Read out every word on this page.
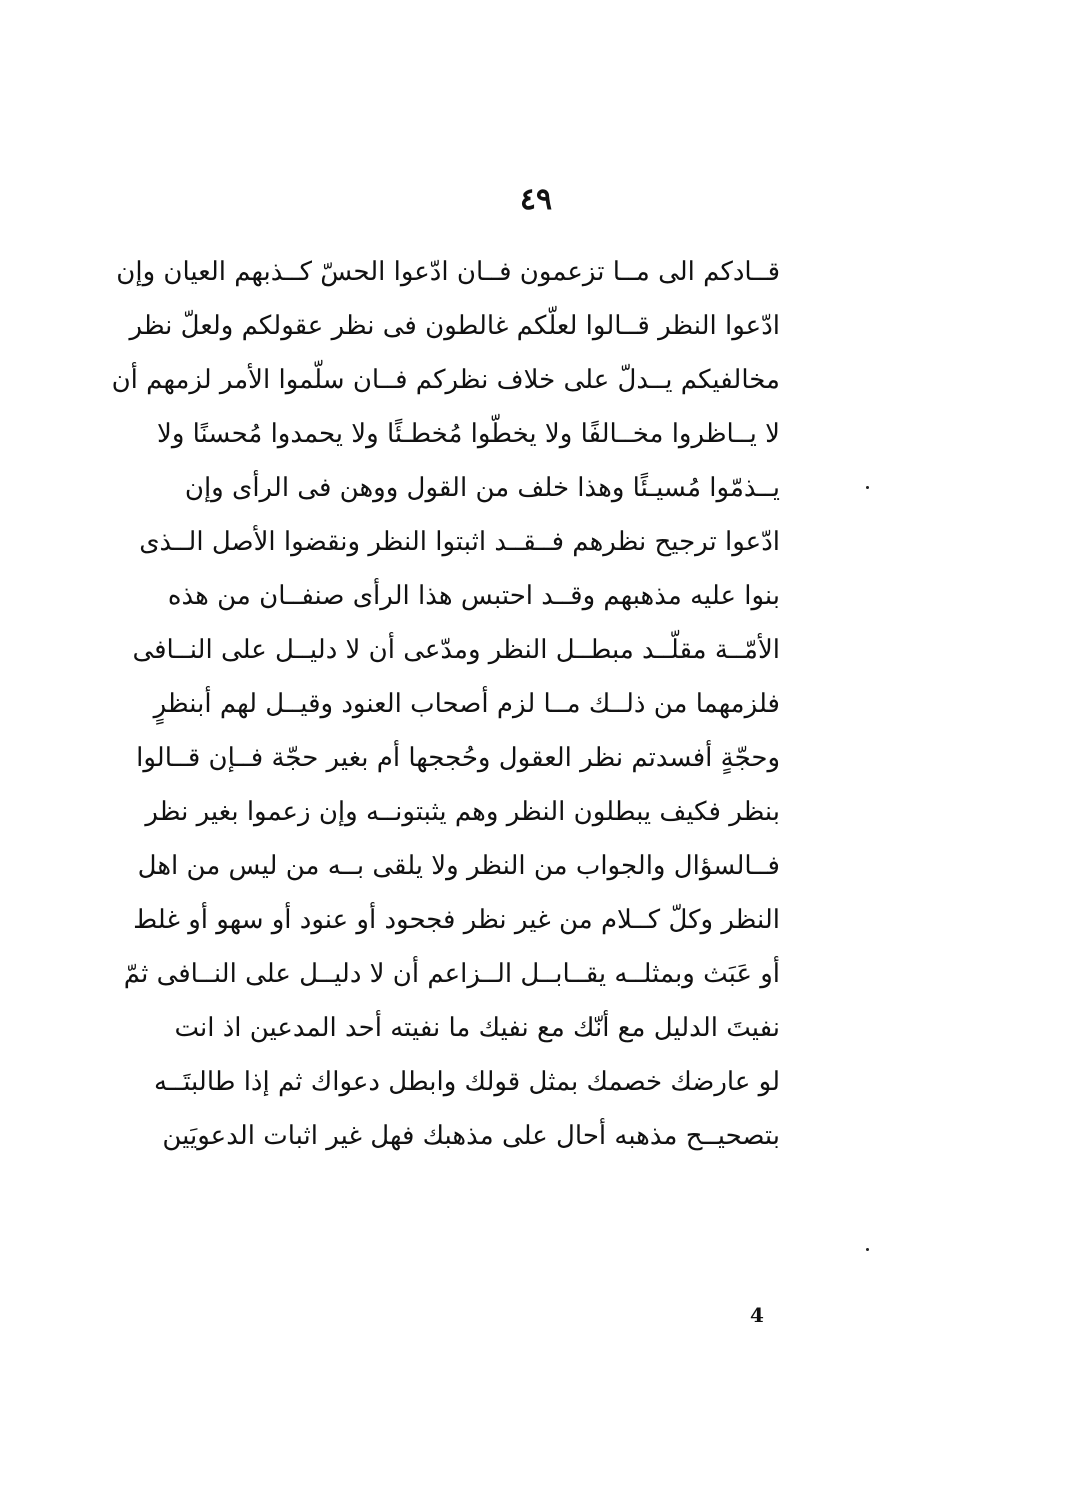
٤٩
قــادكم الى مــا تزعمون فــان ادّعوا الحسّ كــذبهم العيان وإن
ادّعوا النظر قــالوا لعلّكم غالطون فى نظر عقولكم ولعلّ نظر
مخالفيكم يــدلّ على خلاف نظركم فــان سلّموا الأمر لزمهم أن
لا يــاظروا مخــالفًا ولا يخطّوا مُخطـئًا ولا يحمدوا مُحسنًا ولا
يــذمّوا مُسيـئًا وهذا خلف من القول ووهن فى الرأى وإن
ادّعوا ترجيح نظرهم فــقــد اثبتوا النظر ونقضوا الأصل الــذى
بنوا عليه مذهبهم وقــد احتبس هذا الرأى صنفــان من هذه
الأمّــة مقلّــد مبطــل النظر ومدّعى أن لا دليــل على النــافى
فلزمهما من ذلــك مــا لزم أصحاب العنود وقيــل لهم أبنظرٍ
وحجّةٍ أفسدتم نظر العقول وحُججها أم بغير حجّة فــإن قــالوا
بنظر فكيف يبطلون النظر وهم يثبتونــه وإن زعموا بغير نظر
فــالسؤال والجواب من النظر ولا يلقى بــه من ليس من اهل
النظر وكلّ كــلام من غير نظر فجحود أو عنود أو سهو أو غلط
أو عَبَث وبمثلــه يقــابــل الــزاعم أن لا دليــل على النــافى ثمّ
نفيتَ الدليل مع أنّك مع نفيك ما نفيته أحد المدعين اذ انت
لو عارضك خصمك بمثل قولك وابطل دعواك ثم إذا طالبتَــه
بتصحيــح مذهبه أحال على مذهبك فهل غير اثبات الدعويَين
4
